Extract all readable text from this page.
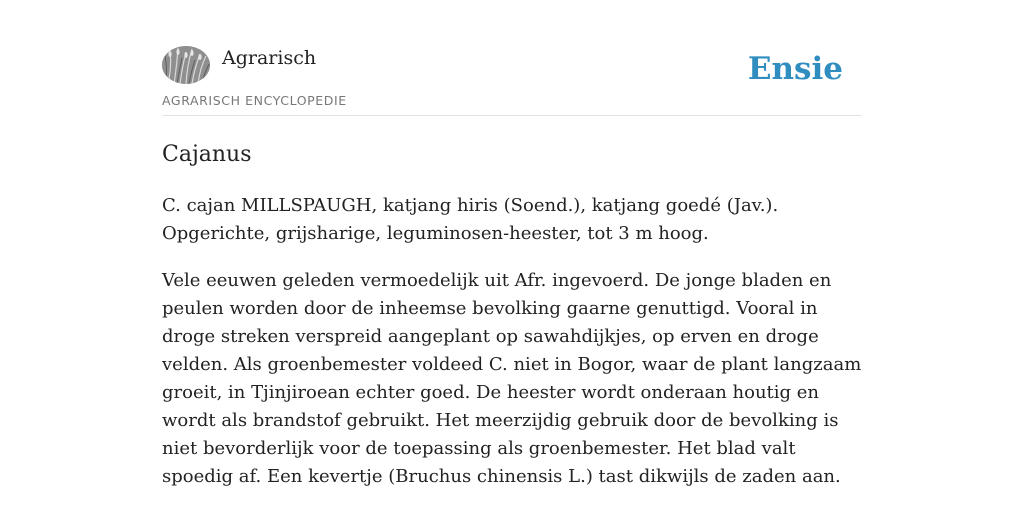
Agrarisch
AGRARISCH ENCYCLOPEDIE
Ensie
Cajanus

C. cajan MILLSPAUGH, katjang hiris (Soend.), katjang goedé (Jav.). Opgerichte, grijsharige, leguminosen-heester, tot 3 m hoog.

Vele eeuwen geleden vermoedelijk uit Afr. ingevoerd. De jonge bladen en peulen worden door de inheemse bevolking gaarne genuttigd. Vooral in droge streken verspreid aangeplant op sawahdijkjes, op erven en droge velden. Als groenbemester voldeed C. niet in Bogor, waar de plant langzaam groeit, in Tjinjiroean echter goed. De heester wordt onderaan houtig en wordt als brandstof gebruikt. Het meerzijdig gebruik door de bevolking is niet bevorderlijk voor de toepassing als groenbemester. Het blad valt spoedig af. Een kevertje (Bruchus chinensis L.) tast dikwijls de zaden aan.
